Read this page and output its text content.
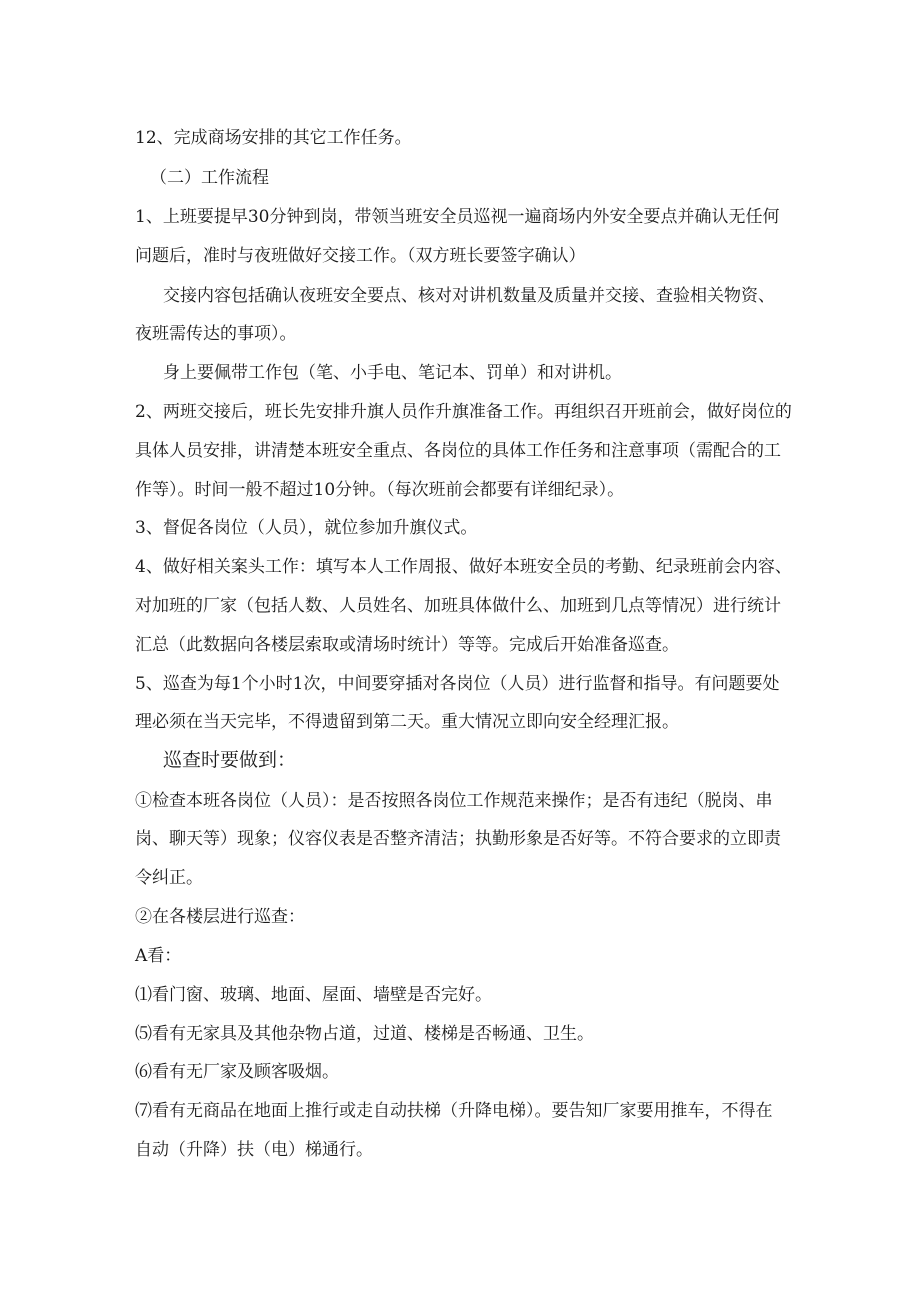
12、完成商场安排的其它工作任务。
（二）工作流程
1、上班要提早30分钟到岗，带领当班安全员巡视一遍商场内外安全要点并确认无任何
问题后，准时与夜班做好交接工作。（双方班长要签字确认）
交接内容包括确认夜班安全要点、核对对讲机数量及质量并交接、查验相关物资、
夜班需传达的事项）。
身上要佩带工作包（笔、小手电、笔记本、罚单）和对讲机。
2、两班交接后，班长先安排升旗人员作升旗准备工作。再组织召开班前会，做好岗位的
具体人员安排，讲清楚本班安全重点、各岗位的具体工作任务和注意事项（需配合的工
作等）。时间一般不超过10分钟。（每次班前会都要有详细纪录）。
3、督促各岗位（人员），就位参加升旗仪式。
4、做好相关案头工作：填写本人工作周报、做好本班安全员的考勤、纪录班前会内容、
对加班的厂家（包括人数、人员姓名、加班具体做什么、加班到几点等情况）进行统计
汇总（此数据向各楼层索取或清场时统计）等等。完成后开始准备巡查。
5、巡查为每1个小时1次，中间要穿插对各岗位（人员）进行监督和指导。有问题要处
理必须在当天完毕，不得遗留到第二天。重大情况立即向安全经理汇报。
巡查时要做到：
①检查本班各岗位（人员）：是否按照各岗位工作规范来操作；是否有违纪（脱岗、串
岗、聊天等）现象；仪容仪表是否整齐清洁；执勤形象是否好等。不符合要求的立即责
令纠正。
②在各楼层进行巡查：
A看：
⑴看门窗、玻璃、地面、屋面、墙壁是否完好。
⑸看有无家具及其他杂物占道，过道、楼梯是否畅通、卫生。
⑹看有无厂家及顾客吸烟。
⑺看有无商品在地面上推行或走自动扶梯（升降电梯）。要告知厂家要用推车，不得在
自动（升降）扶（电）梯通行。
